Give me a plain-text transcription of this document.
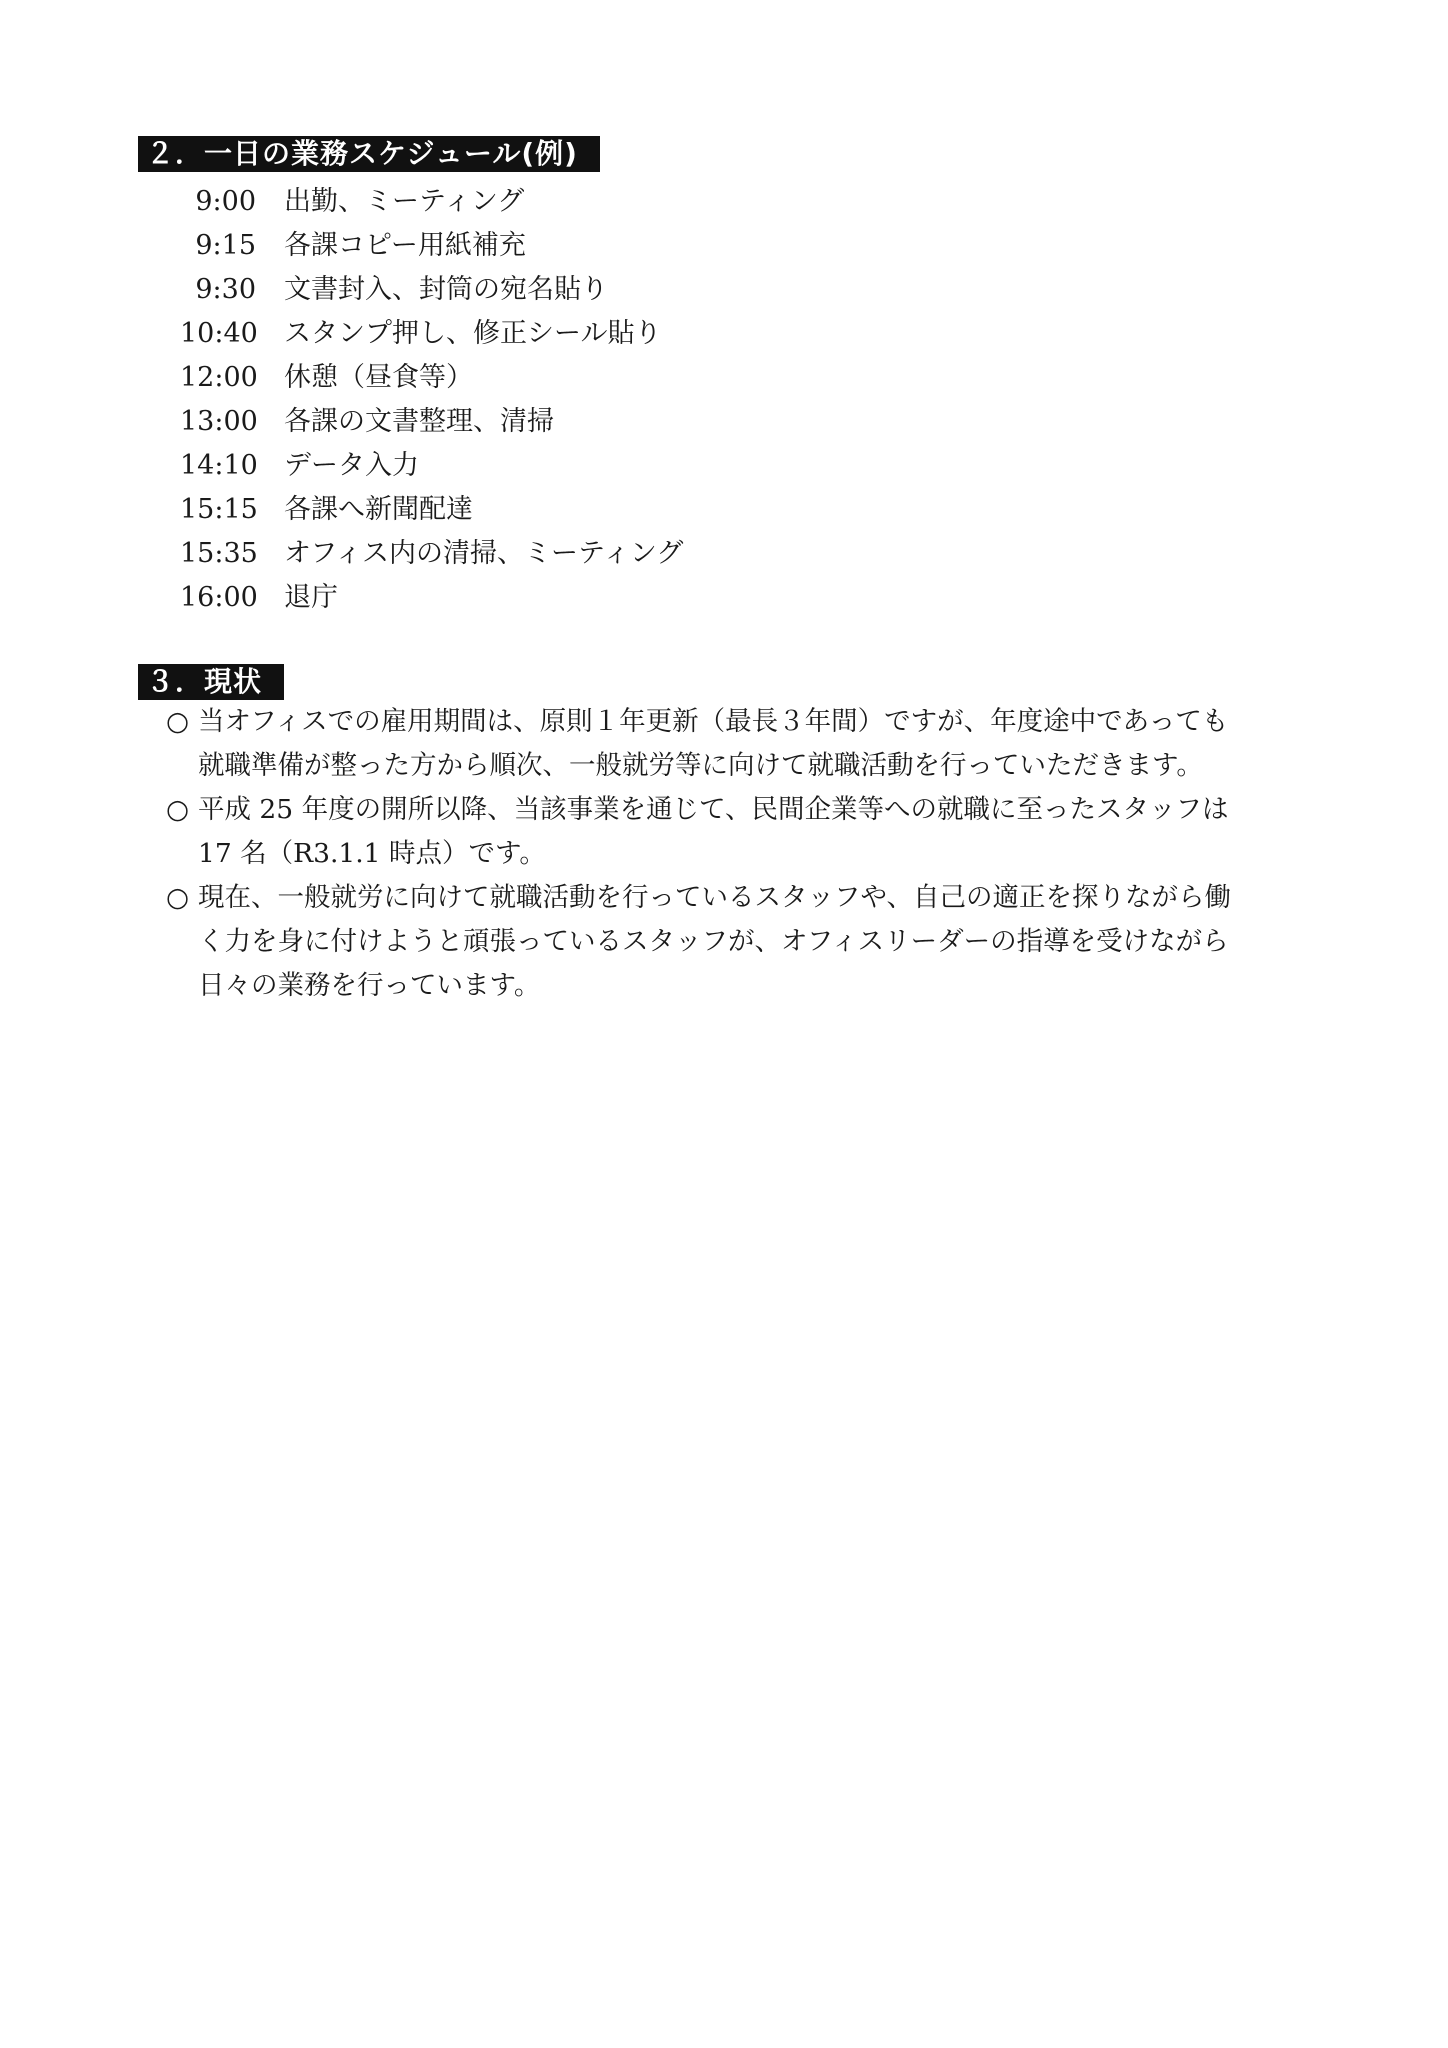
２．一日の業務スケジュール(例)
9:00 出勤、ミーティング
9:15 各課コピー用紙補充
9:30 文書封入、封筒の宛名貼り
10:40 スタンプ押し、修正シール貼り
12:00 休憩（昼食等）
13:00 各課の文書整理、清掃
14:10 データ入力
15:15 各課へ新聞配達
15:35 オフィス内の清掃、ミーティング
16:00 退庁
３．現状
○ 当オフィスでの雇用期間は、原則１年更新（最長３年間）ですが、年度途中であっても
就職準備が整った方から順次、一般就労等に向けて就職活動を行っていただきます。
○ 平成 25 年度の開所以降、当該事業を通じて、民間企業等への就職に至ったスタッフは
17 名（R3.1.1 時点）です。
○ 現在、一般就労に向けて就職活動を行っているスタッフや、自己の適正を探りながら働
く力を身に付けようと頑張っているスタッフが、オフィスリーダーの指導を受けながら
日々の業務を行っています。
